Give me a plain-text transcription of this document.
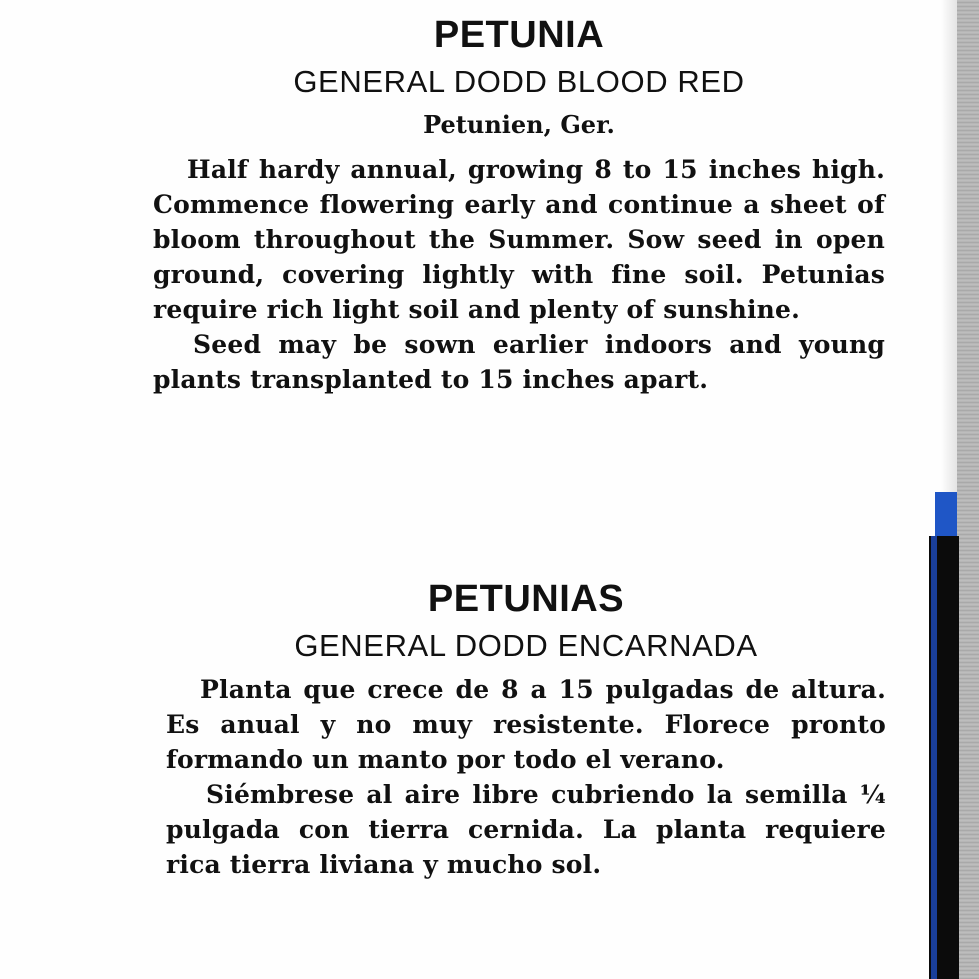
PETUNIA
GENERAL DODD BLOOD RED

Petunien, Ger.

Half hardy annual, growing 8 to 15 inches high. Commence flowering early and continue a sheet of bloom throughout the Summer. Sow seed in open ground, covering lightly with fine soil. Petunias require rich light soil and plenty of sunshine.

Seed may be sown earlier indoors and young plants transplanted to 15 inches apart.

PETUNIAS
GENERAL DODD ENCARNADA

Planta que crece de 8 a 15 pulgadas de altura. Es anual y no muy resistente. Florece pronto formando un manto por todo el verano.

Siémbrese al aire libre cubriendo la semilla ¼ pulgada con tierra cernida. La planta requiere rica tierra liviana y mucho sol.
